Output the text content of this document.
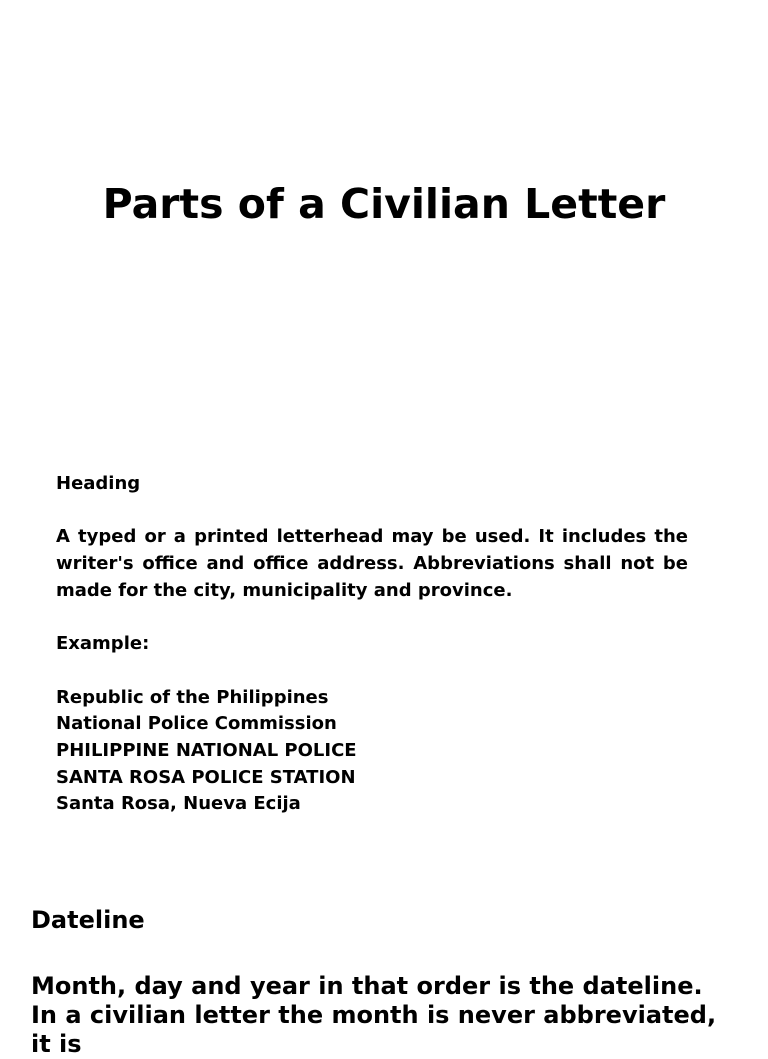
Parts of a Civilian Letter

Heading

A typed or a printed letterhead may be used. It includes the writer's office and office address. Abbreviations shall not be made for the city, municipality and province.

Example:

Republic of the Philippines

National Police Commission

PHILIPPINE NATIONAL POLICE

SANTA ROSA POLICE STATION

Santa Rosa, Nueva Ecija

Dateline

Month, day and year in that order is the dateline. In a civilian letter the month is never abbreviated, it is
